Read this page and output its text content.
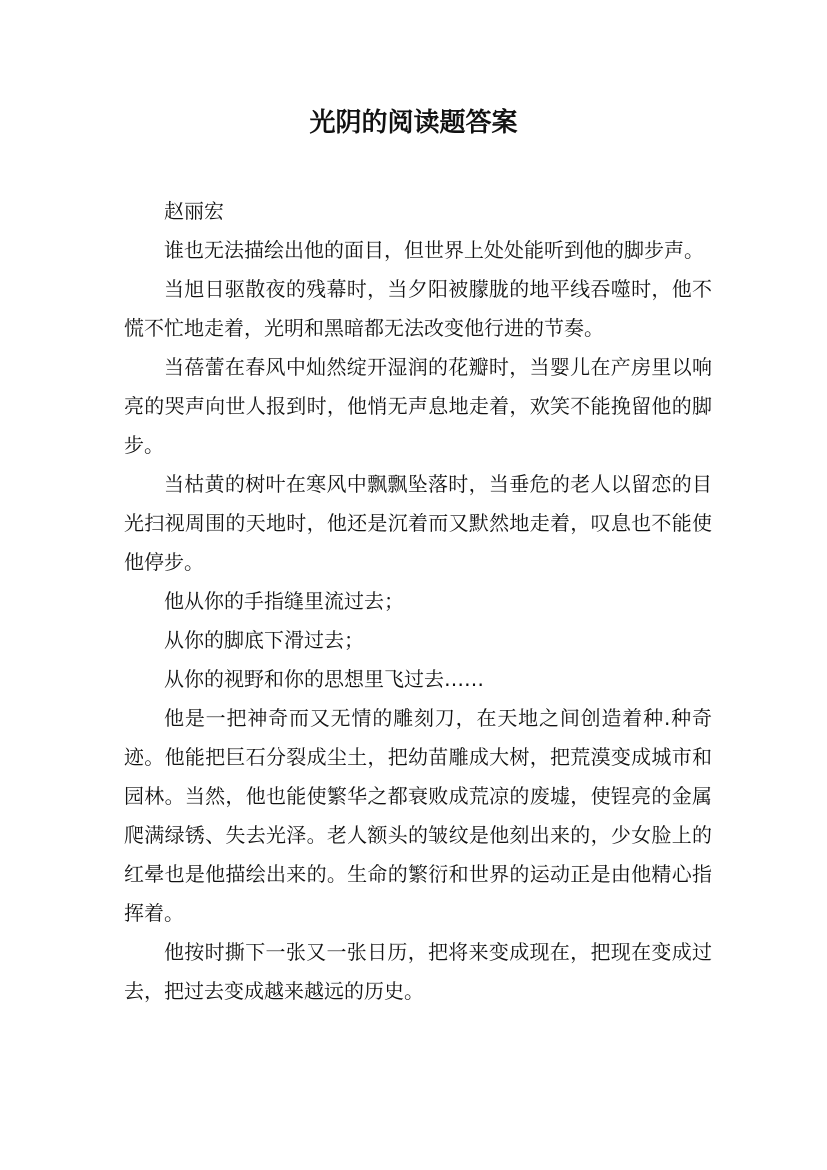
光阴的阅读题答案

赵丽宏

谁也无法描绘出他的面目，但世界上处处能听到他的脚步声。

当旭日驱散夜的残幕时，当夕阳被朦胧的地平线吞噬时，他不慌不忙地走着，光明和黑暗都无法改变他行进的节奏。

当蓓蕾在春风中灿然绽开湿润的花瓣时，当婴儿在产房里以响亮的哭声向世人报到时，他悄无声息地走着，欢笑不能挽留他的脚步。

当枯黄的树叶在寒风中飘飘坠落时，当垂危的老人以留恋的目光扫视周围的天地时，他还是沉着而又默然地走着，叹息也不能使他停步。

他从你的手指缝里流过去；

从你的脚底下滑过去；

从你的视野和你的思想里飞过去……

他是一把神奇而又无情的雕刻刀，在天地之间创造着种.种奇迹。他能把巨石分裂成尘土，把幼苗雕成大树，把荒漠变成城市和园林。当然，他也能使繁华之都衰败成荒凉的废墟，使锃亮的金属爬满绿锈、失去光泽。老人额头的皱纹是他刻出来的，少女脸上的红晕也是他描绘出来的。生命的繁衍和世界的运动正是由他精心指挥着。

他按时撕下一张又一张日历，把将来变成现在，把现在变成过去，把过去变成越来越远的历史。
